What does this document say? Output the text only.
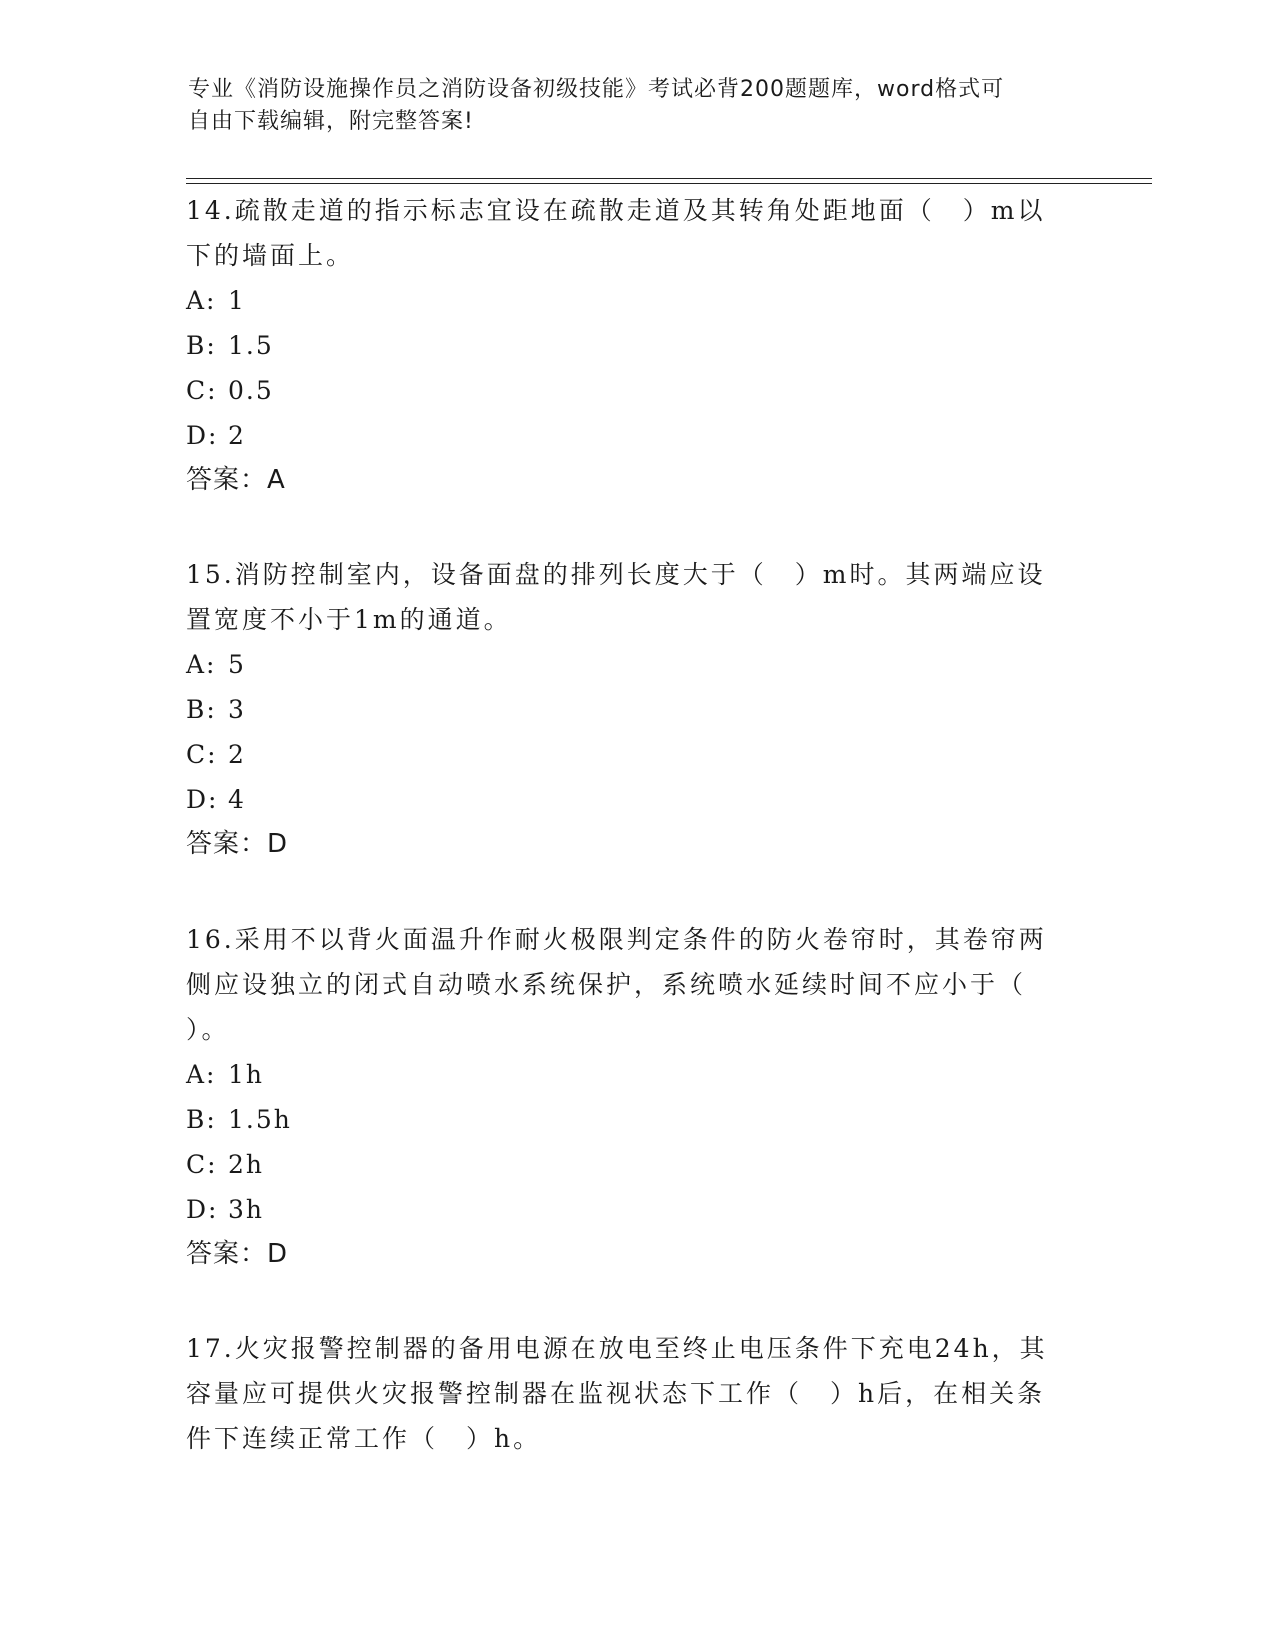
专业《消防设施操作员之消防设备初级技能》考试必背200题题库，word格式可
自由下载编辑，附完整答案!

14.疏散走道的指示标志宜设在疏散走道及其转角处距地面（　）m以
下的墙面上。

A: 1
B: 1.5
C: 0.5
D: 2
答案：A

15.消防控制室内，设备面盘的排列长度大于（　）m时。其两端应设
置宽度不小于1m的通道。

A: 5
B: 3
C: 2
D: 4
答案：D

16.采用不以背火面温升作耐火极限判定条件的防火卷帘时，其卷帘两
侧应设独立的闭式自动喷水系统保护，系统喷水延续时间不应小于（
）。

A: 1h
B: 1.5h
C: 2h
D: 3h
答案：D

17.火灾报警控制器的备用电源在放电至终止电压条件下充电24h，其
容量应可提供火灾报警控制器在监视状态下工作（　）h后，在相关条
件下连续正常工作（　）h。
